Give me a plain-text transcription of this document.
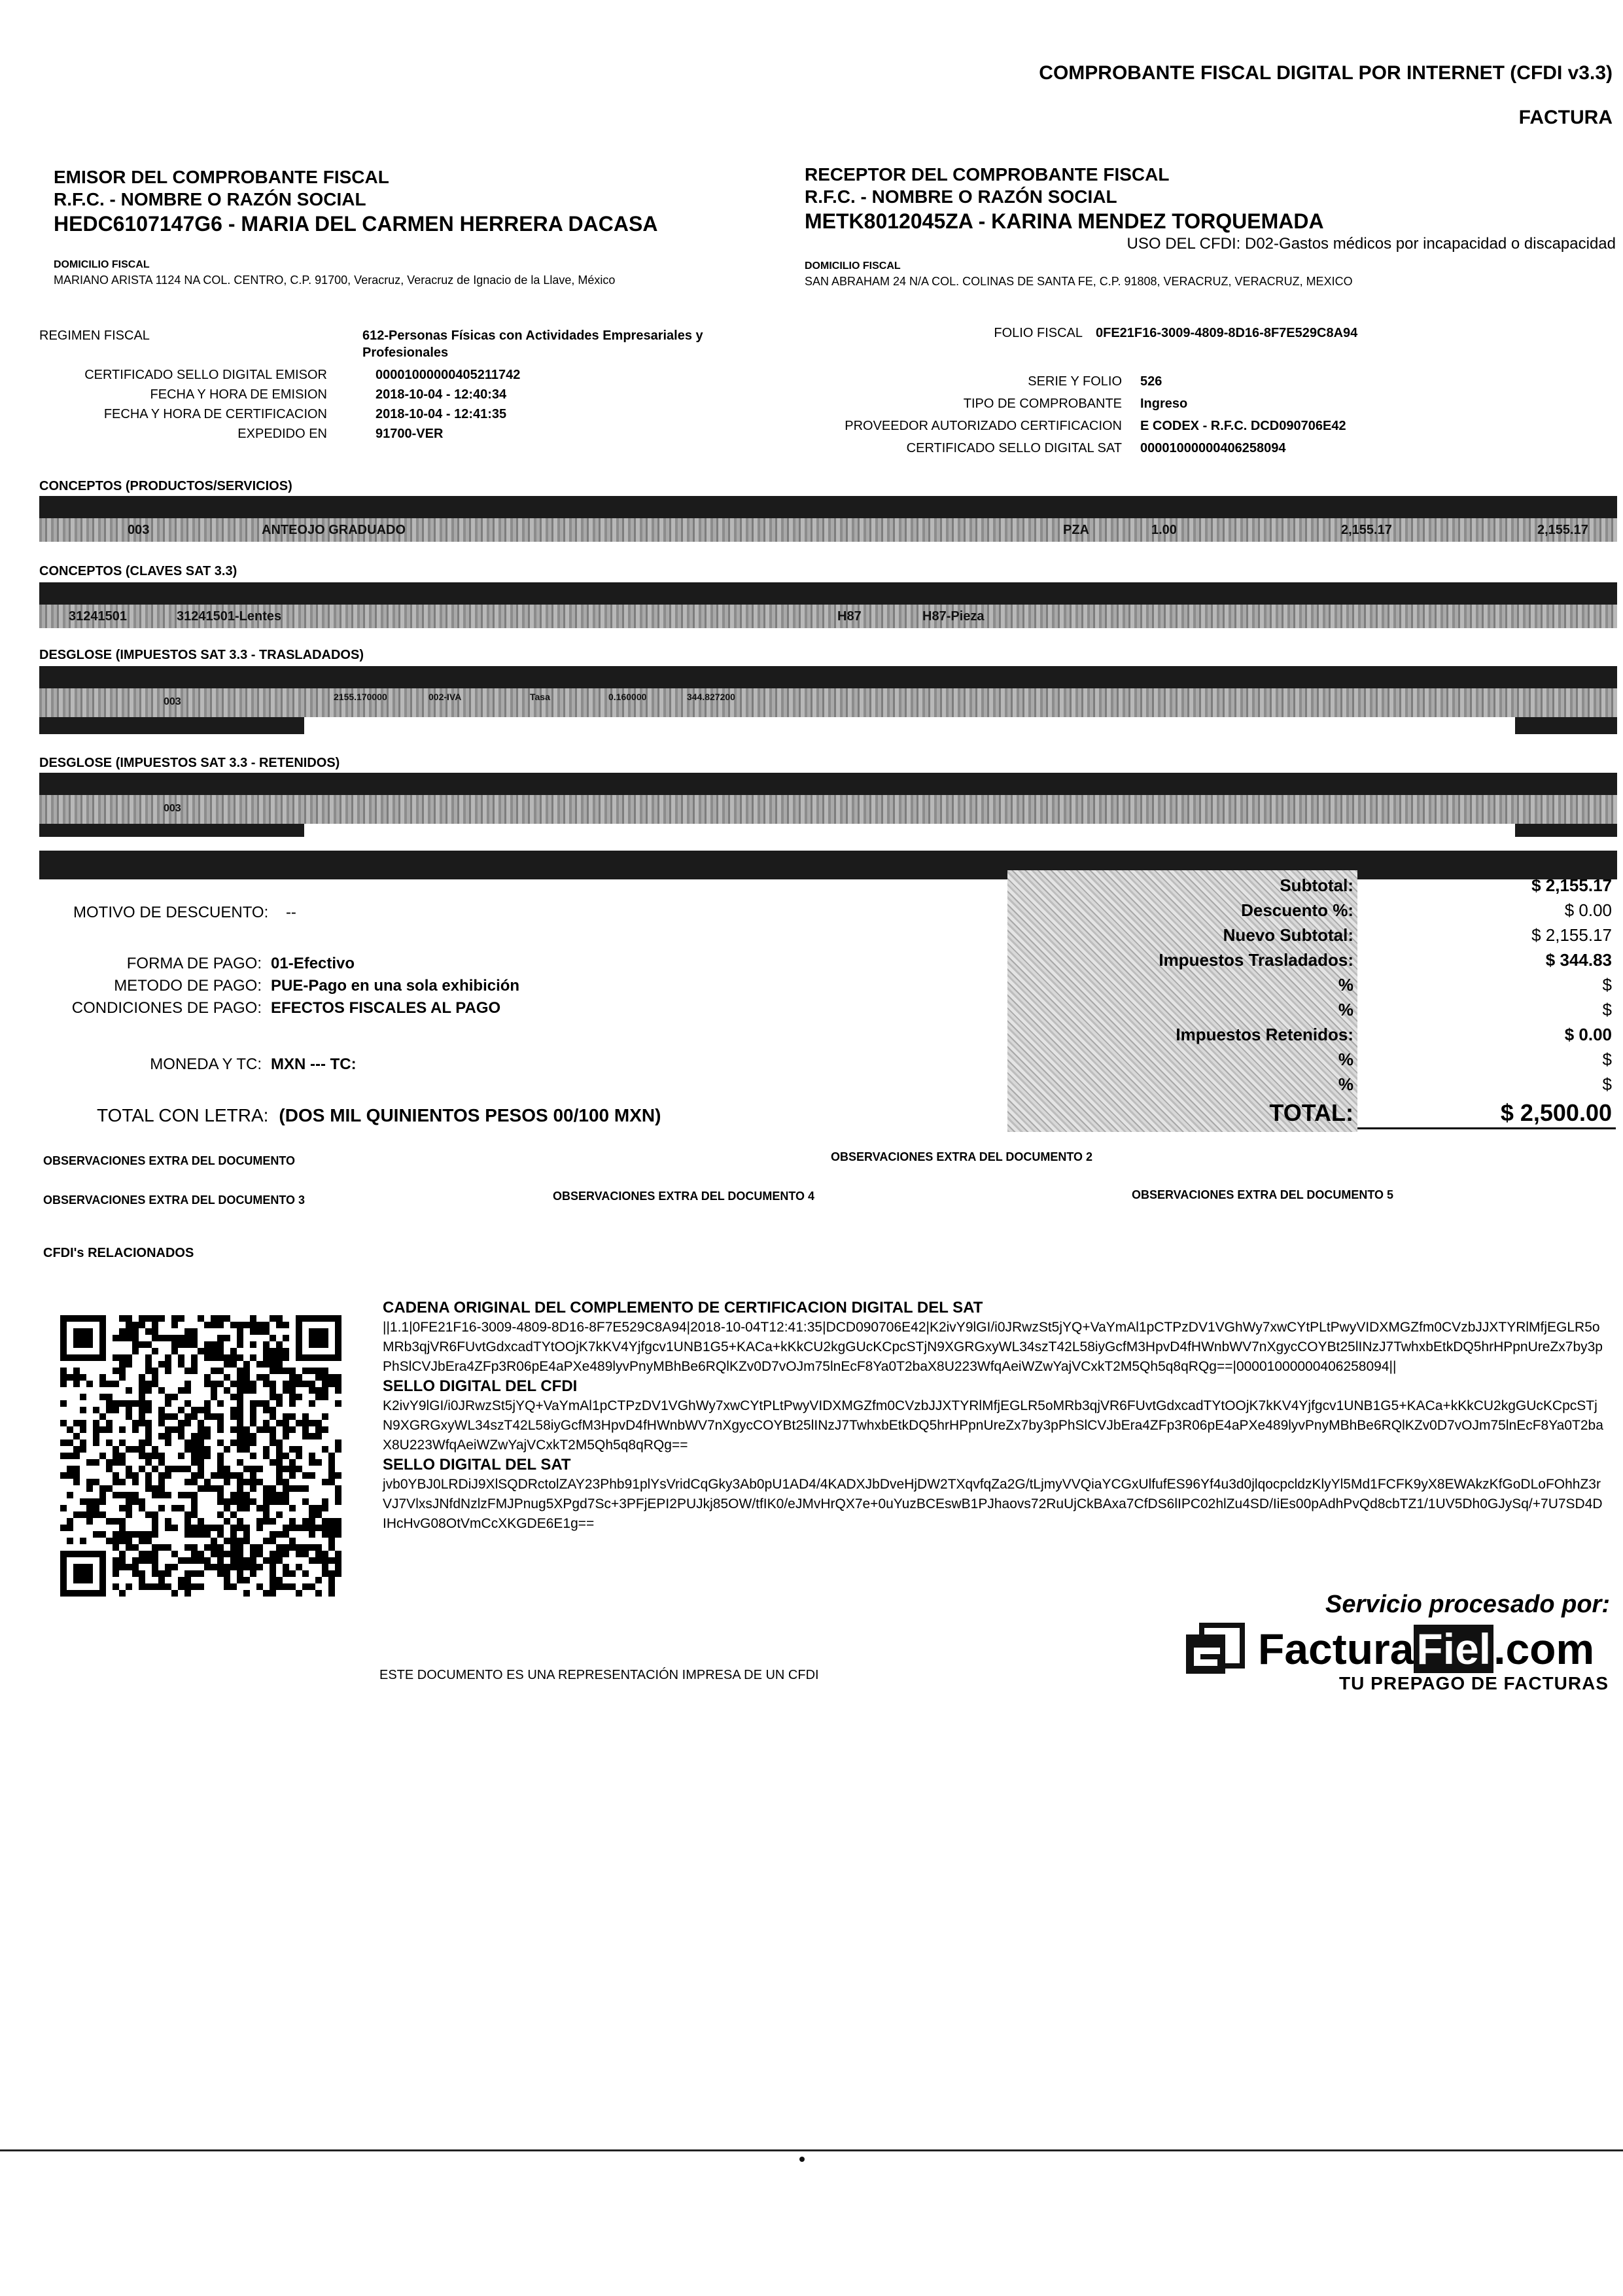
COMPROBANTE FISCAL DIGITAL POR INTERNET (CFDI v3.3)
FACTURA
EMISOR DEL COMPROBANTE FISCAL
R.F.C. - NOMBRE O RAZÓN SOCIAL
HEDC6107147G6 - MARIA DEL CARMEN HERRERA DACASA
DOMICILIO FISCAL
MARIANO ARISTA 1124 NA COL. CENTRO, C.P. 91700, Veracruz, Veracruz de Ignacio de la Llave, México
REGIMEN FISCAL	612-Personas Físicas con Actividades Empresariales y Profesionales
CERTIFICADO SELLO DIGITAL EMISOR	00001000000405211742
FECHA Y HORA DE EMISION	2018-10-04 - 12:40:34
FECHA Y HORA DE CERTIFICACION	2018-10-04 - 12:41:35
EXPEDIDO EN	91700-VER
RECEPTOR DEL COMPROBANTE FISCAL
R.F.C. - NOMBRE O RAZÓN SOCIAL
METK8012045ZA - KARINA MENDEZ TORQUEMADA
USO DEL CFDI: D02-Gastos médicos por incapacidad o discapacidad
DOMICILIO FISCAL
SAN ABRAHAM 24 N/A COL. COLINAS DE SANTA FE, C.P. 91808, VERACRUZ, VERACRUZ, MEXICO
FOLIO FISCAL	0FE21F16-3009-4809-8D16-8F7E529C8A94
SERIE Y FOLIO	526
TIPO DE COMPROBANTE	Ingreso
PROVEEDOR AUTORIZADO CERTIFICACION	E CODEX - R.F.C. DCD090706E42
CERTIFICADO SELLO DIGITAL SAT	00001000000406258094
CONCEPTOS (PRODUCTOS/SERVICIOS)
003	ANTEOJO GRADUADO	PZA	1.00	2,155.17	2,155.17
CONCEPTOS (CLAVES SAT 3.3)
31241501	31241501-Lentes	H87	H87-Pieza
DESGLOSE (IMPUESTOS SAT 3.3 - TRASLADADOS)
003	2155.170000	002-IVA	Tasa	0.160000	344.827200
DESGLOSE (IMPUESTOS SAT 3.3 - RETENIDOS)
003
MOTIVO DE DESCUENTO: --
FORMA DE PAGO: 01-Efectivo
METODO DE PAGO: PUE-Pago en una sola exhibición
CONDICIONES DE PAGO: EFECTOS FISCALES AL PAGO
MONEDA Y TC: MXN --- TC:
TOTAL CON LETRA: (DOS MIL QUINIENTOS PESOS 00/100 MXN)
Subtotal:	$ 2,155.17
Descuento %:	$ 0.00
Nuevo Subtotal:	$ 2,155.17
Impuestos Trasladados:	$ 344.83
%	$
%	$
Impuestos Retenidos:	$ 0.00
%	$
%	$
TOTAL:	$ 2,500.00
OBSERVACIONES EXTRA DEL DOCUMENTO	OBSERVACIONES EXTRA DEL DOCUMENTO 2
OBSERVACIONES EXTRA DEL DOCUMENTO 3	OBSERVACIONES EXTRA DEL DOCUMENTO 4	OBSERVACIONES EXTRA DEL DOCUMENTO 5
CFDI's RELACIONADOS
CADENA ORIGINAL DEL COMPLEMENTO DE CERTIFICACION DIGITAL DEL SAT
||1.1|0FE21F16-3009-4809-8D16-8F7E529C8A94|2018-10-04T12:41:35|DCD090706E42|K2ivY9lGI/i0JRwzSt5jYQ+VaYmAl1pCTPzDV1VGhWy7xwCYtPLtPwyVIDXMGZfm0CVzbJJXTYRlMfjEGLR5oMRb3qjVR6FUvtGdxcadTYtOOjK7kKV4Yjfgcv1UNB1G5+KACa+kKkCU2kgGUcKCpcSTjN9XGRGxyWL34szT42L58iyGcfM3HpvD4fHWnbWV7nXgycCOYBt25lINzJ7TwhxbEtkDQ5hrHPpnUreZx7by3pPhSlCVJbEra4ZFp3R06pE4aPXe489lyvPnyMBhBe6RQlKZv0D7vOJm75lnEcF8Ya0T2baX8U223WfqAeiWZwYajVCxkT2M5Qh5q8qRQg==|00001000000406258094||
SELLO DIGITAL DEL CFDI
K2ivY9lGI/i0JRwzSt5jYQ+VaYmAl1pCTPzDV1VGhWy7xwCYtPLtPwyVIDXMGZfm0CVzbJJXTYRlMfjEGLR5oMRb3qjVR6FUvtGdxcadTYtOOjK7kKV4Yjfgcv1UNB1G5+KACa+kKkCU2kgGUcKCpcSTjN9XGRGxyWL34szT42L58iyGcfM3HpvD4fHWnbWV7nXgycCOYBt25lINzJ7TwhxbEtkDQ5hrHPpnUreZx7by3pPhSlCVJbEra4ZFp3R06pE4aPXe489lyvPnyMBhBe6RQlKZv0D7vOJm75lnEcF8Ya0T2baX8U223WfqAeiWZwYajVCxkT2M5Qh5q8qRQg==
SELLO DIGITAL DEL SAT
jvb0YBJ0LRDiJ9XlSQDRctolZAY23Phb91plYsVridCqGky3Ab0pU1AD4/4KADXJbDveHjDW2TXqvfqZa2G/tLjmyVVQiaYCGxUlfufES96Yf4u3d0jlqocpcldzKlyYl5Md1FCFK9yX8EWAkzKfGoDLoFOhhZ3rVJ7VlxsJNfdNzlzFMJPnug5XPgd7Sc+3PFjEPI2PUJkj85OW/tfIK0/eJMvHrQX7e+0uYuzBCEswB1PJhaovs72RuUjCkBAxa7CfDS6lIPC02hlZu4SD/IiEs00pAdhPvQd8cbTZ1/1UV5Dh0GJySq/+7U7SD4DIHcHvG08OtVmCcXKGDE6E1g==
Servicio procesado por:
FacturaFiel.com
TU PREPAGO DE FACTURAS
ESTE DOCUMENTO ES UNA REPRESENTACIÓN IMPRESA DE UN CFDI
